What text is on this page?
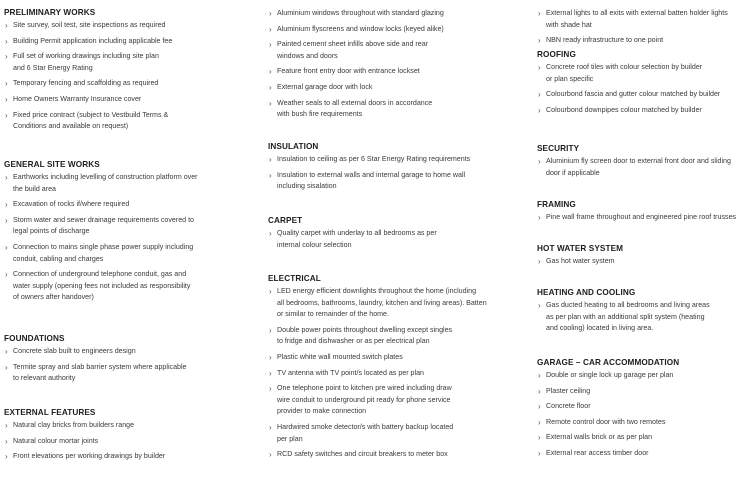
PRELIMINARY WORKS
› Site survey, soil test, site inspections as required
› Building Permit application including applicable fee
› Full set of working drawings including site plan
and 6 Star Energy Rating
› Temporary fencing and scaffolding as required
› Home Owners Warranty Insurance cover
› Fixed price contract (subject to Vestbuild Terms &
Conditions and available on request)
GENERAL SITE WORKS
› Earthworks including levelling of construction platform over
the build area
› Excavation of rocks if/where required
› Storm water and sewer drainage requirements covered to
legal points of discharge
› Connection to mains single phase power supply including
conduit, cabling and charges
› Connection of underground telephone conduit, gas and
water supply (opening fees not included as responsibility
of owners after handover)
FOUNDATIONS
› Concrete slab built to engineers design
› Termite spray and slab barrier system where applicable
to relevant authority
EXTERNAL FEATURES
› Natural clay bricks from builders range
› Natural colour mortar joints
› Front elevations per working drawings by builder
› Aluminium windows throughout with standard glazing
› Aluminium flyscreens and window locks (keyed alike)
› Painted cement sheet infills above side and rear
windows and doors
› Feature front entry door with entrance lockset
› External garage door with lock
› Weather seals to all external doors in accordance
with bush fire requirements
INSULATION
› Insulation to ceiling as per 6 Star Energy Rating requirements
› Insulation to external walls and internal garage to home wall
including sisalation
CARPET
› Quality carpet with underlay to all bedrooms as per
internal colour selection
ELECTRICAL
› LED energy efficient downlights throughout the home (including
all bedrooms, bathrooms, laundry, kitchen and living areas). Batten
or similar to remainder of the home.
› Double power points throughout dwelling except singles
to fridge and dishwasher or as per electrical plan
› Plastic white wall mounted switch plates
› TV antenna with TV point/s located as per plan
› One telephone point to kitchen pre wired including draw
wire conduit to underground pit ready for phone service
provider to make connection
› Hardwired smoke detector/s with battery backup located
per plan
› RCD safety switches and circuit breakers to meter box
› External lights to all exits with external batten holder lights
with shade hat
› NBN ready infrastructure to one point
ROOFING
› Concrete roof tiles with colour selection by builder
or plan specific
› Colourbond fascia and gutter colour matched by builder
› Colourbond downpipes colour matched by builder
SECURITY
› Aluminium fly screen door to external front door and sliding
door if applicable
FRAMING
› Pine wall frame throughout and engineered pine roof trusses
HOT WATER SYSTEM
› Gas hot water system
HEATING AND COOLING
› Gas ducted heating to all bedrooms and living areas
as per plan with an additional split system (heating
and cooling) located in living area.
GARAGE – CAR ACCOMMODATION
› Double or single lock up garage per plan
› Plaster ceiling
› Concrete floor
› Remote control door with two remotes
› External walls brick or as per plan
› External rear access timber door
